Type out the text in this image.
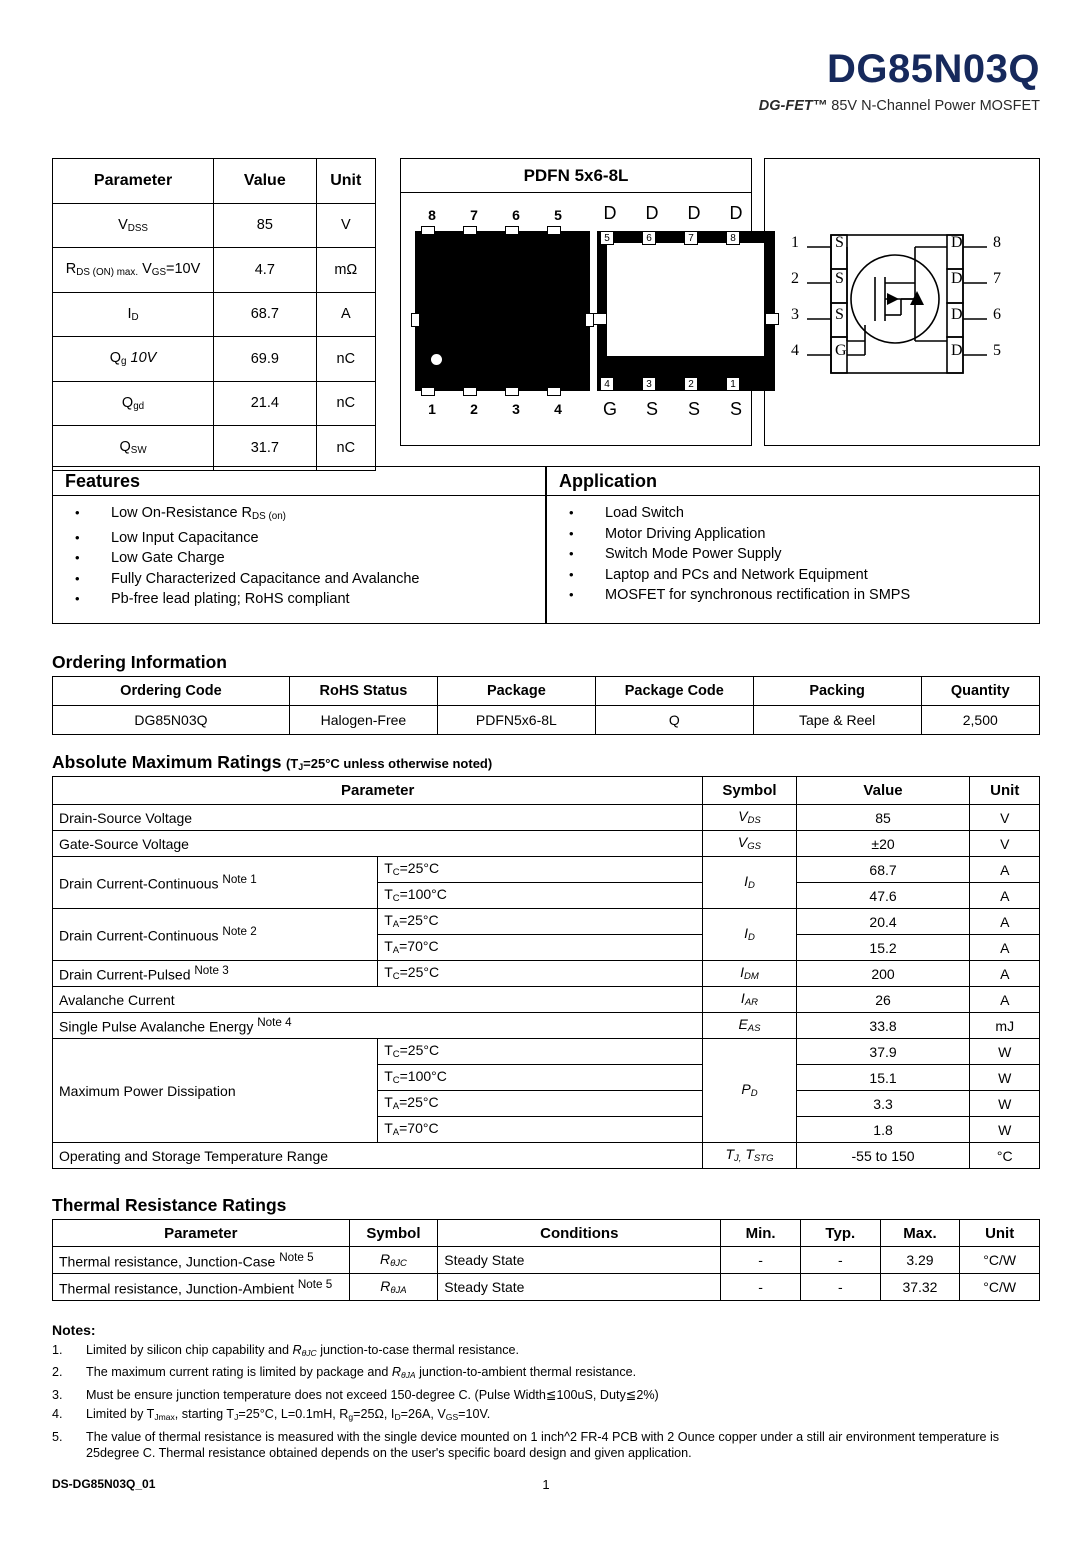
DG85N03Q
DG-FET™ 85V N-Channel Power MOSFET
Parameter	Value	Unit
$V_{DSS}$	85	V
$R_{DS (ON) max.}$ $V_{GS}=10V$	4.7	mΩ
$I_D$	68.7	A
$Q_g$ 10V	69.9	nC
$Q_{gd}$	21.4	nC
$Q_{SW}$	31.7	nC
PDFN 5x6-8L
8	7	6	5
1	2	3	4
D D D D
5	6	7	8
4	3	2	1
G S S S
1 S
2 S
3 S
4 G
D 8
D 7
D 6
D 5
Features
• Low On-Resistance $R_{DS (on)}$
• Low Input Capacitance
• Low Gate Charge
• Fully Characterized Capacitance and Avalanche
• Pb-free lead plating; RoHS compliant
Application
• Load Switch
• Motor Driving Application
• Switch Mode Power Supply
• Laptop and PCs and Network Equipment
• MOSFET for synchronous rectification in SMPS
Ordering Information
Ordering Code	RoHS Status	Package	Package Code	Packing	Quantity
DG85N03Q	Halogen-Free	PDFN5x6-8L	Q	Tape & Reel	2,500
Absolute Maximum Ratings ($T_J=25^\circ C$ unless otherwise noted)
Parameter		Symbol	Value	Unit
Drain-Source Voltage		$V_{DS}$	85	V
Gate-Source Voltage		$V_{GS}$	±20	V
Drain Current-Continuous $^{Note 1}$	$T_C=25^\circ C$	$I_D$	68.7	A
	$T_C=100^\circ C$		47.6	A
Drain Current-Continuous $^{Note 2}$	$T_A=25^\circ C$	$I_D$	20.4	A
	$T_A=70^\circ C$		15.2	A
Drain Current-Pulsed $^{Note 3}$	$T_C=25^\circ C$	$I_{DM}$	200	A
Avalanche Current		$I_{AR}$	26	A
Single Pulse Avalanche Energy $^{Note 4}$		$E_{AS}$	33.8	mJ
Maximum Power Dissipation	$T_C=25^\circ C$	$P_D$	37.9	W
	$T_C=100^\circ C$		15.1	W
	$T_A=25^\circ C$		3.3	W
	$T_A=70^\circ C$		1.8	W
Operating and Storage Temperature Range		$T_{J,}$ $T_{STG}$	-55 to 150	°C
Thermal Resistance Ratings
Parameter	Symbol	Conditions	Min.	Typ.	Max.	Unit
Thermal resistance, Junction-Case $^{Note 5}$	$R_{\theta JC}$	Steady State	-	-	3.29	°C/W
Thermal resistance, Junction-Ambient $^{Note 5}$	$R_{\theta JA}$	Steady State	-	-	37.32	°C/W
Notes:
1.	Limited by silicon chip capability and $R_{\theta JC}$ junction-to-case thermal resistance.
2.	The maximum current rating is limited by package and $R_{\theta JA}$ junction-to-ambient thermal resistance.
3.	Must be ensure junction temperature does not exceed 150-degree C. (Pulse Width≦100uS, Duty≦2%)
4.	Limited by $T_{Jmax}$, starting $T_J=25^\circ C$, L=0.1mH, $R_g=25\Omega$, $I_D=26A$, $V_{GS}=10V$.
5.	The value of thermal resistance is measured with the single device mounted on 1 inch^2 FR-4 PCB with 2 Ounce copper under a still air environment temperature is 25degree C. Thermal resistance obtained depends on the user's specific board design and given application.
DS-DG85N03Q_01	1
